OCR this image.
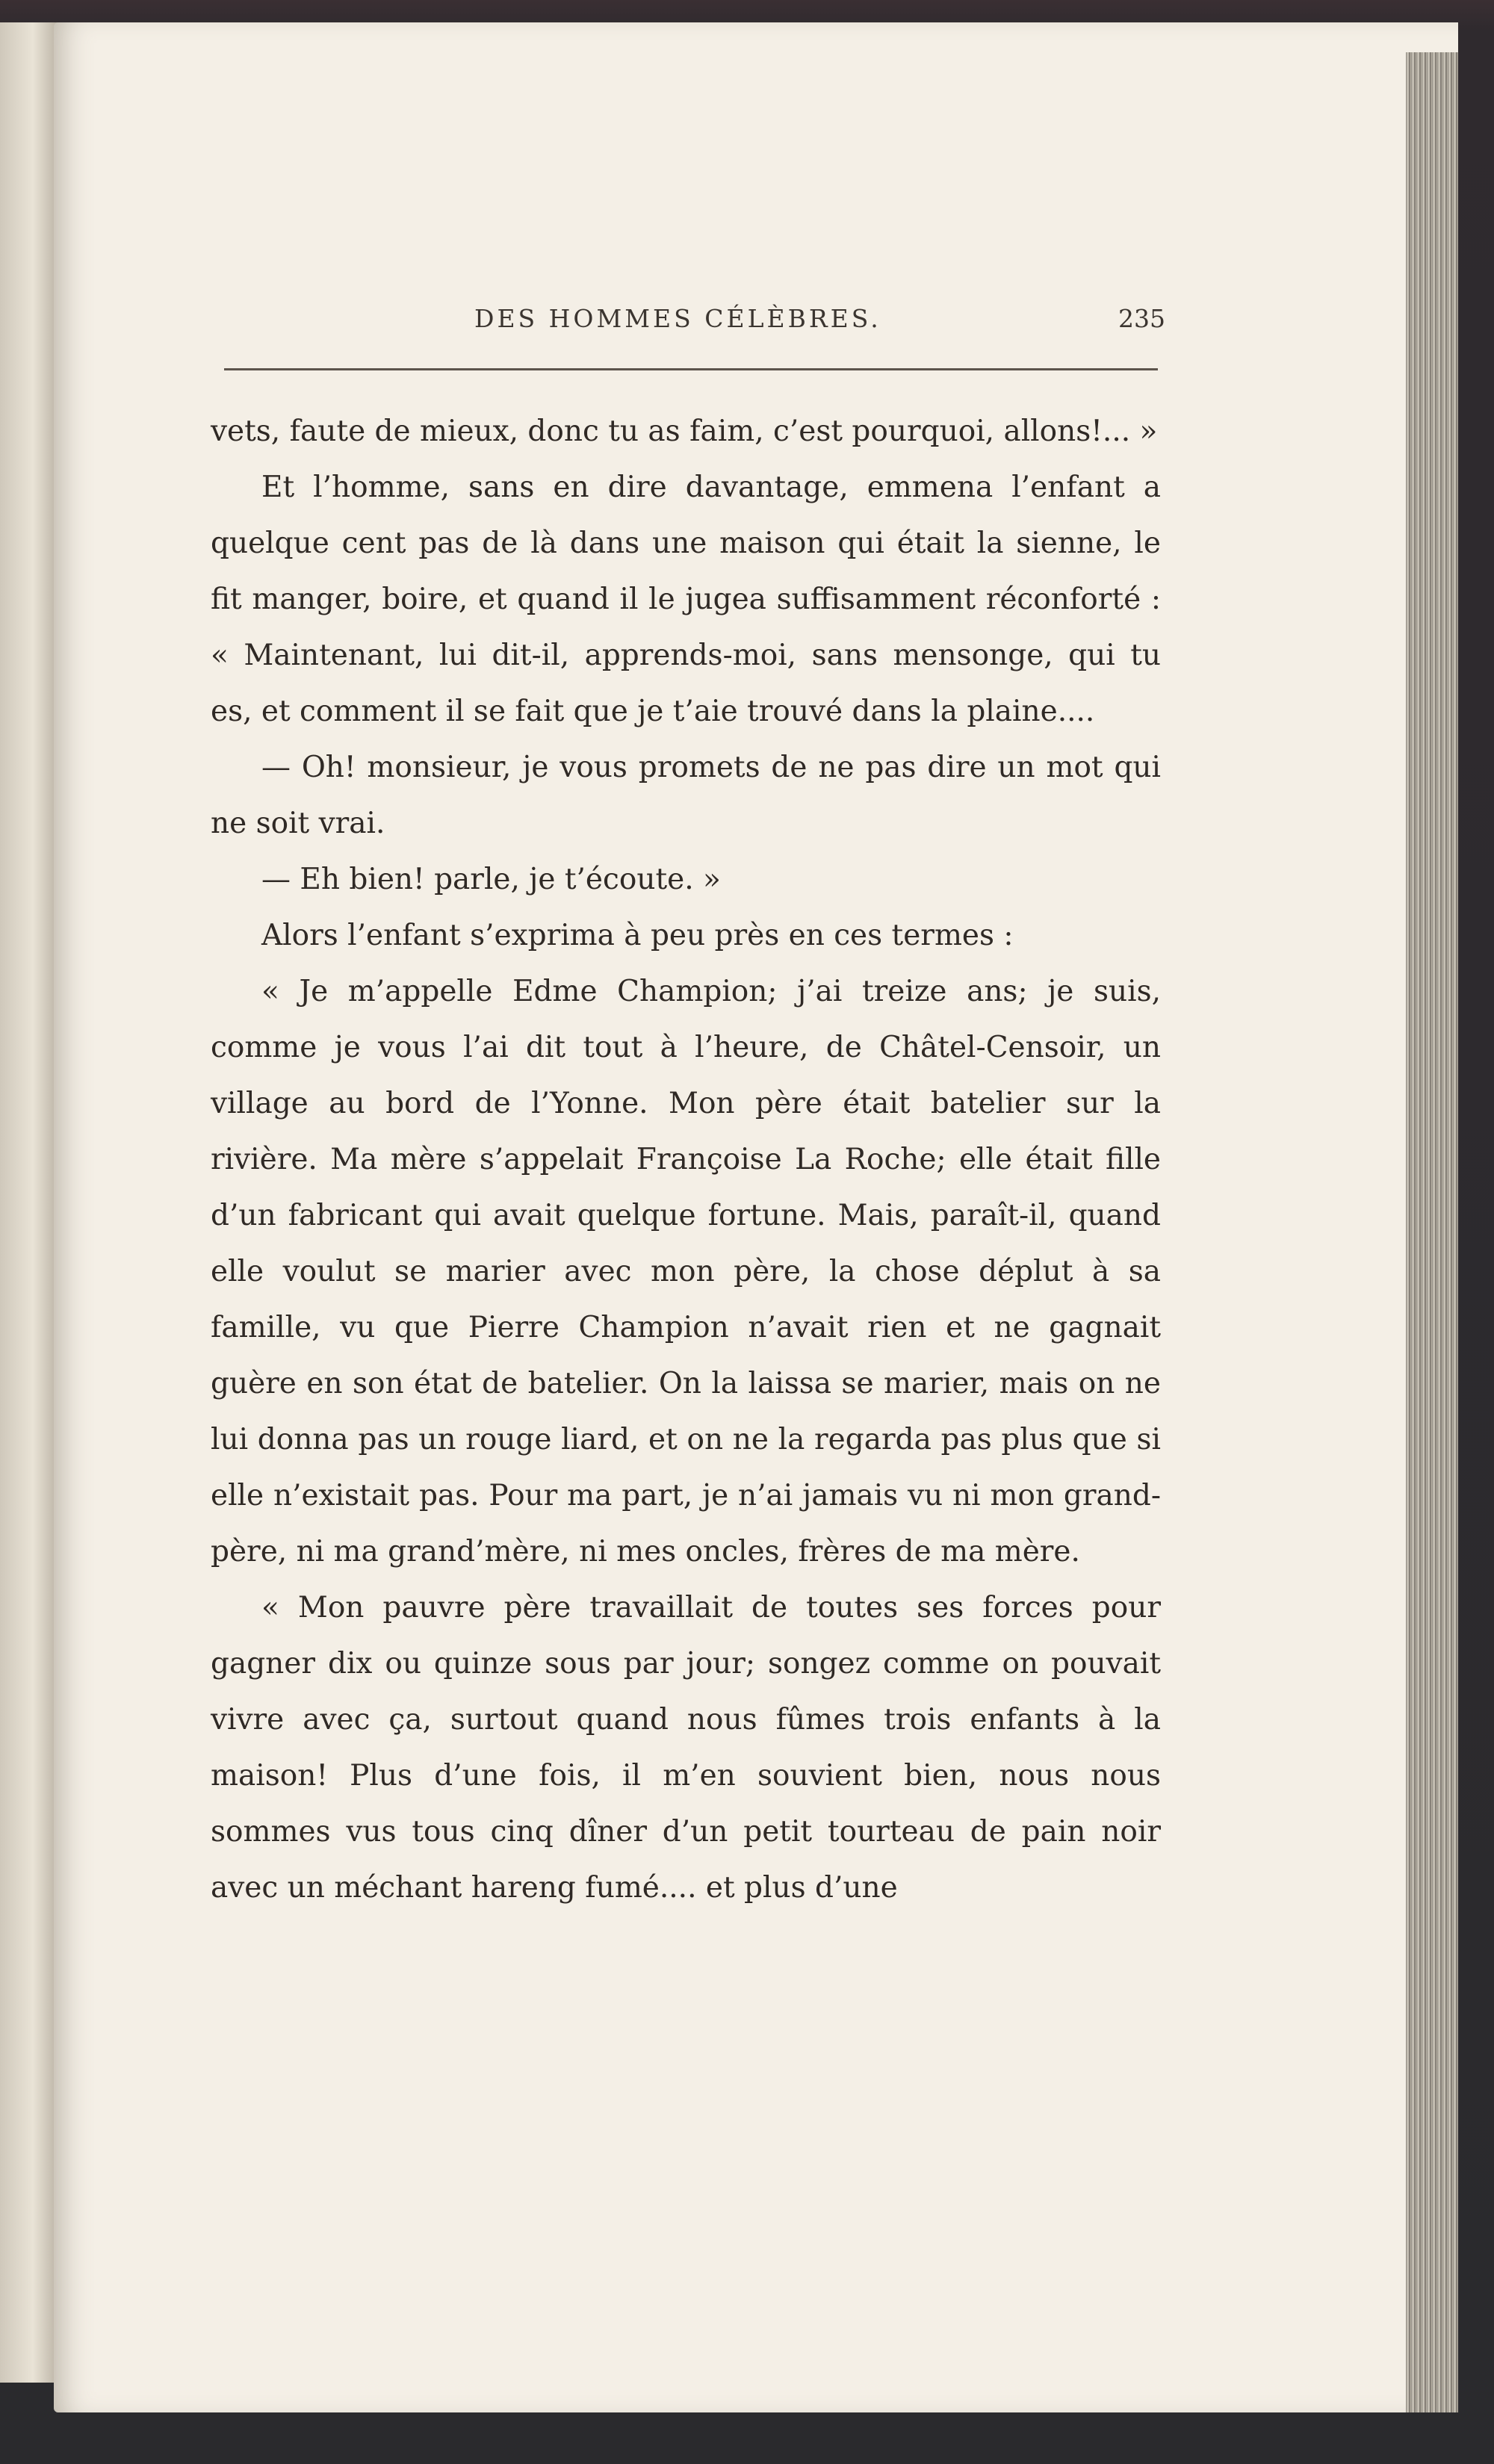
DES HOMMES CÉLÈBRES.	235

vets, faute de mieux, donc tu as faim, c’est pourquoi, allons!... »

Et l’homme, sans en dire davantage, emmena l’enfant a quelque cent pas de là dans une maison qui était la sienne, le fit manger, boire, et quand il le jugea suffisamment réconforté : « Maintenant, lui dit-il, apprends-moi, sans mensonge, qui tu es, et comment il se fait que je t’aie trouvé dans la plaine....

— Oh! monsieur, je vous promets de ne pas dire un mot qui ne soit vrai.

— Eh bien! parle, je t’écoute. »

Alors l’enfant s’exprima à peu près en ces termes :

« Je m’appelle Edme Champion; j’ai treize ans; je suis, comme je vous l’ai dit tout à l’heure, de Châtel-Censoir, un village au bord de l’Yonne. Mon père était batelier sur la rivière. Ma mère s’appelait Françoise La Roche; elle était fille d’un fabricant qui avait quelque fortune. Mais, paraît-il, quand elle voulut se marier avec mon père, la chose déplut à sa famille, vu que Pierre Champion n’avait rien et ne gagnait guère en son état de batelier. On la laissa se marier, mais on ne lui donna pas un rouge liard, et on ne la regarda pas plus que si elle n’existait pas. Pour ma part, je n’ai jamais vu ni mon grand-père, ni ma grand’mère, ni mes oncles, frères de ma mère.

« Mon pauvre père travaillait de toutes ses forces pour gagner dix ou quinze sous par jour; songez comme on pouvait vivre avec ça, surtout quand nous fûmes trois enfants à la maison! Plus d’une fois, il m’en souvient bien, nous nous sommes vus tous cinq dîner d’un petit tourteau de pain noir avec un méchant hareng fumé.... et plus d’une
